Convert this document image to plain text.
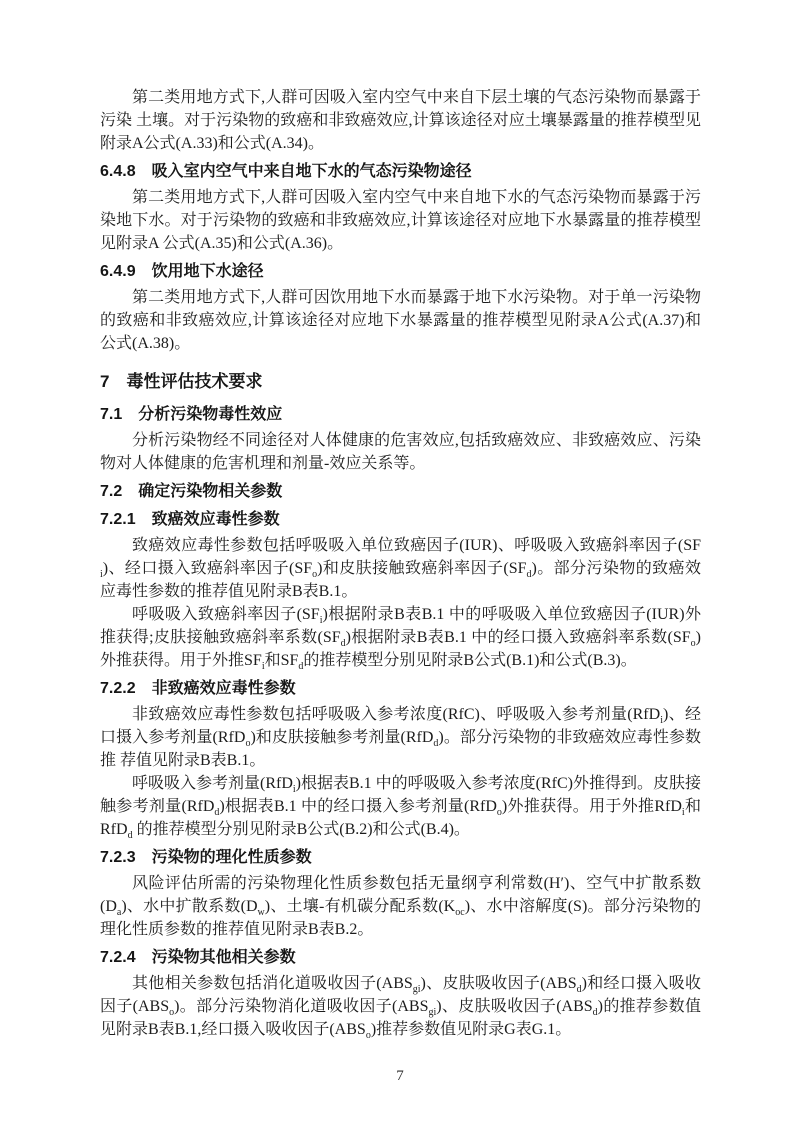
第二类用地方式下,人群可因吸入室内空气中来自下层土壤的气态污染物而暴露于污染 土壤。对于污染物的致癌和非致癌效应,计算该途径对应土壤暴露量的推荐模型见附录A公式(A.33)和公式(A.34)。

6.4.8　吸入室内空气中来自地下水的气态污染物途径

第二类用地方式下,人群可因吸入室内空气中来自地下水的气态污染物而暴露于污染地下水。对于污染物的致癌和非致癌效应,计算该途径对应地下水暴露量的推荐模型见附录A 公式(A.35)和公式(A.36)。

6.4.9　饮用地下水途径

第二类用地方式下,人群可因饮用地下水而暴露于地下水污染物。对于单一污染物的致癌和非致癌效应,计算该途径对应地下水暴露量的推荐模型见附录A公式(A.37)和公式(A.38)。

7　毒性评估技术要求
7.1　分析污染物毒性效应

分析污染物经不同途径对人体健康的危害效应,包括致癌效应、非致癌效应、污染物对人体健康的危害机理和剂量-效应关系等。

7.2　确定污染物相关参数
7.2.1　致癌效应毒性参数

致癌效应毒性参数包括呼吸吸入单位致癌因子(IUR)、呼吸吸入致癌斜率因子$(SF_i)$、经口摄入致癌斜率因子$(SF_o)$和皮肤接触致癌斜率因子$(SF_d)$。部分污染物的致癌效应毒性参数的推荐值见附录B表B.1。

呼吸吸入致癌斜率因子$(SF_i)$根据附录B表B.1 中的呼吸吸入单位致癌因子(IUR)外推获得;皮肤接触致癌斜率系数$(SF_d)$根据附录B表B.1 中的经口摄入致癌斜率系数$(SF_o)$外推获得。用于外推$SF_i$和$SF_d$的推荐模型分别见附录B公式(B.1)和公式(B.3)。

7.2.2　非致癌效应毒性参数

非致癌效应毒性参数包括呼吸吸入参考浓度(RfC)、呼吸吸入参考剂量(RfD$_i$)、经口摄入参考剂量(RfD$_o$)和皮肤接触参考剂量(RfD$_d$)。部分污染物的非致癌效应毒性参数推 荐值见附录B表B.1。

呼吸吸入参考剂量(RfD$_i$)根据表B.1 中的呼吸吸入参考浓度(RfC)外推得到。皮肤接触参考剂量(RfD$_d$)根据表B.1 中的经口摄入参考剂量(RfD$_o$)外推获得。用于外推RfD$_i$和RfD$_d$ 的推荐模型分别见附录B公式(B.2)和公式(B.4)。

7.2.3　污染物的理化性质参数

风险评估所需的污染物理化性质参数包括无量纲亨利常数(H′)、空气中扩散系数$(D_a)$、水中扩散系数$(D_w)$、土壤-有机碳分配系数$(K_{oc})$、水中溶解度(S)。部分污染物的理化性质参数的推荐值见附录B表B.2。

7.2.4　污染物其他相关参数

其他相关参数包括消化道吸收因子$(ABS_{gi})$、皮肤吸收因子$(ABS_d)$和经口摄入吸收因子$(ABS_o)$。部分污染物消化道吸收因子$(ABS_{gi})$、皮肤吸收因子$(ABS_d)$的推荐参数值见附录B表B.1,经口摄入吸收因子$(ABS_o)$推荐参数值见附录G表G.1。

7
